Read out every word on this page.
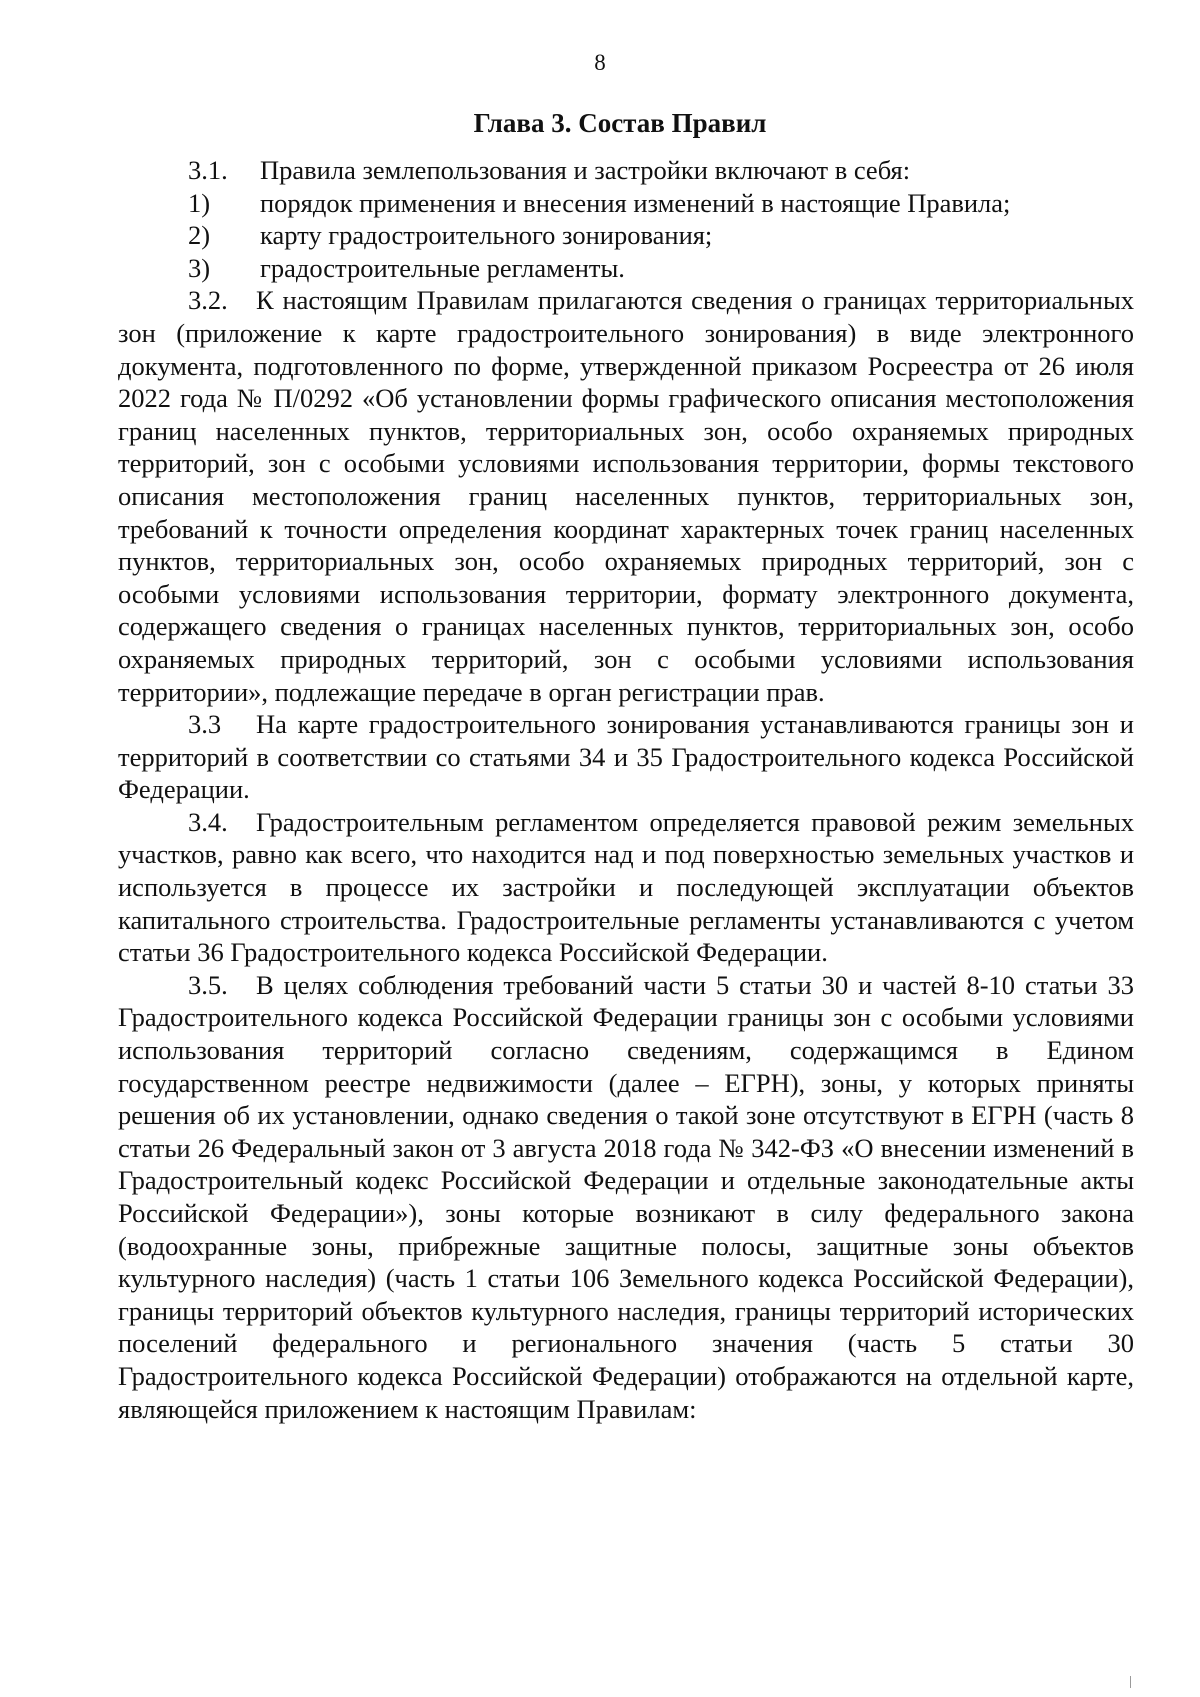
8
Глава 3. Состав Правил

3.1. Правила землепользования и застройки включают в себя:

1) порядок применения и внесения изменений в настоящие Правила;

2) карту градостроительного зонирования;

3) градостроительные регламенты.

3.2. К настоящим Правилам прилагаются сведения о границах территориальных зон (приложение к карте градостроительного зонирования) в виде электронного документа, подготовленного по форме, утвержденной приказом Росреестра от 26 июля 2022 года № П/0292 «Об установлении формы графического описания местоположения границ населенных пунктов, территориальных зон, особо охраняемых природных территорий, зон с особыми условиями использования территории, формы текстового описания местоположения границ населенных пунктов, территориальных зон, требований к точности определения координат характерных точек границ населенных пунктов, территориальных зон, особо охраняемых природных территорий, зон с особыми условиями использования территории, формату электронного документа, содержащего сведения о границах населенных пунктов, территориальных зон, особо охраняемых природных территорий, зон с особыми условиями использования территории», подлежащие передаче в орган регистрации прав.

3.3 На карте градостроительного зонирования устанавливаются границы зон и территорий в соответствии со статьями 34 и 35 Градостроительного кодекса Российской Федерации.

3.4. Градостроительным регламентом определяется правовой режим земельных участков, равно как всего, что находится над и под поверхностью земельных участков и используется в процессе их застройки и последующей эксплуатации объектов капитального строительства. Градостроительные регламенты устанавливаются с учетом статьи 36 Градостроительного кодекса Российской Федерации.

3.5. В целях соблюдения требований части 5 статьи 30 и частей 8-10 статьи 33 Градостроительного кодекса Российской Федерации границы зон с особыми условиями использования территорий согласно сведениям, содержащимся в Едином государственном реестре недвижимости (далее – ЕГРН), зоны, у которых приняты решения об их установлении, однако сведения о такой зоне отсутствуют в ЕГРН (часть 8 статьи 26 Федеральный закон от 3 августа 2018 года № 342-ФЗ «О внесении изменений в Градостроительный кодекс Российской Федерации и отдельные законодательные акты Российской Федерации»), зоны которые возникают в силу федерального закона (водоохранные зоны, прибрежные защитные полосы, защитные зоны объектов культурного наследия) (часть 1 статьи 106 Земельного кодекса Российской Федерации), границы территорий объектов культурного наследия, границы территорий исторических поселений федерального и регионального значения (часть 5 статьи 30 Градостроительного кодекса Российской Федерации) отображаются на отдельной карте, являющейся приложением к настоящим Правилам:
